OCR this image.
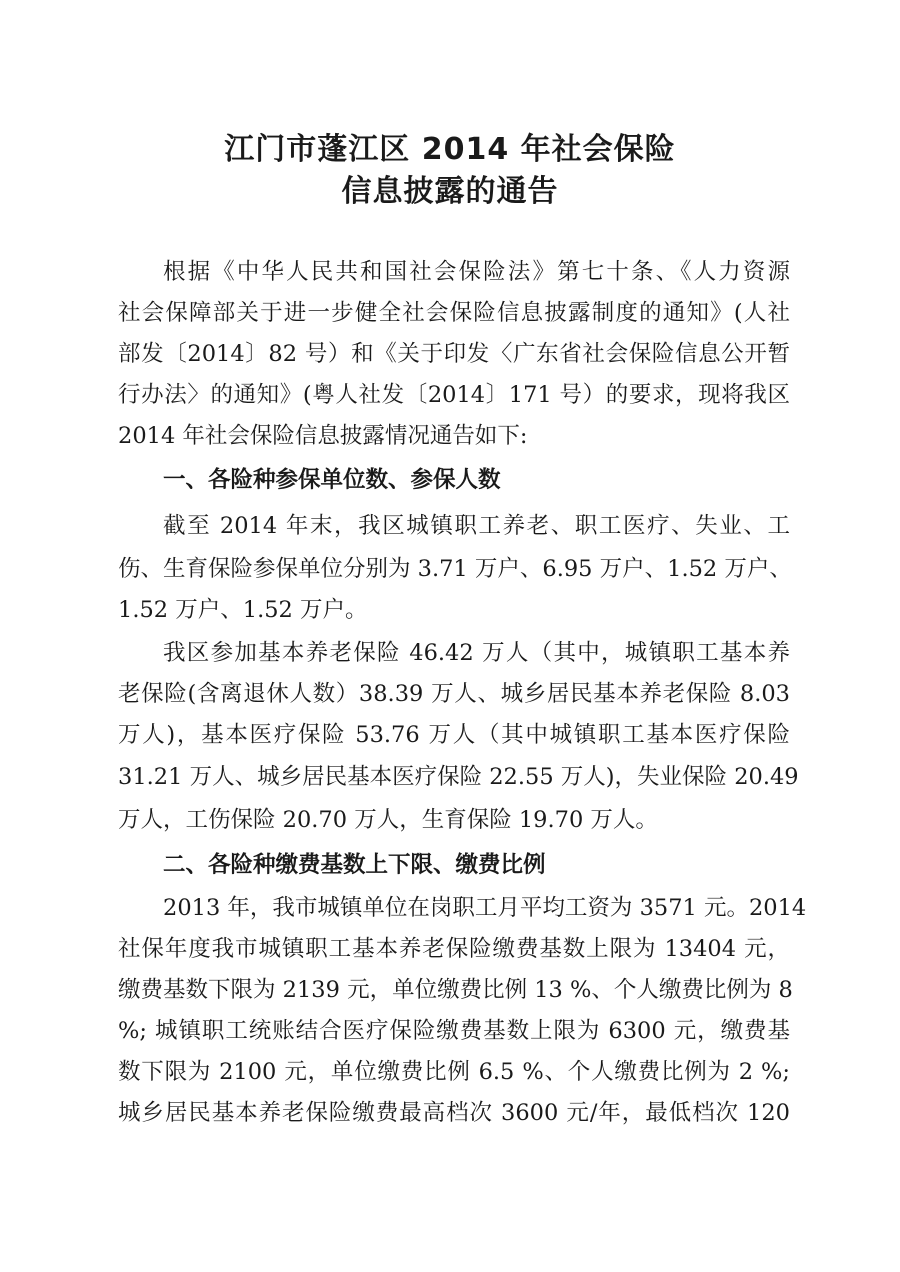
江门市蓬江区 2014 年社会保险
信息披露的通告
根据《中华人民共和国社会保险法》第七十条、《人力资源
社会保障部关于进一步健全社会保险信息披露制度的通知》(人社
部发〔2014〕82 号）和《关于印发〈广东省社会保险信息公开暂
行办法〉的通知》(粤人社发〔2014〕171 号）的要求，现将我区
2014 年社会保险信息披露情况通告如下:
一、各险种参保单位数、参保人数
截至 2014 年末，我区城镇职工养老、职工医疗、失业、工
伤、生育保险参保单位分别为 3.71 万户、6.95 万户、1.52 万户、
1.52 万户、1.52 万户。
我区参加基本养老保险 46.42 万人（其中，城镇职工基本养
老保险(含离退休人数）38.39 万人、城乡居民基本养老保险 8.03
万人)，基本医疗保险 53.76 万人（其中城镇职工基本医疗保险
31.21 万人、城乡居民基本医疗保险 22.55 万人)，失业保险 20.49
万人，工伤保险 20.70 万人，生育保险 19.70 万人。
二、各险种缴费基数上下限、缴费比例
2013 年，我市城镇单位在岗职工月平均工资为 3571 元。2014
社保年度我市城镇职工基本养老保险缴费基数上限为 13404 元，
缴费基数下限为 2139 元，单位缴费比例 13 %、个人缴费比例为 8
%; 城镇职工统账结合医疗保险缴费基数上限为 6300 元，缴费基
数下限为 2100 元，单位缴费比例 6.5 %、个人缴费比例为 2 %;
城乡居民基本养老保险缴费最高档次 3600 元/年，最低档次 120
